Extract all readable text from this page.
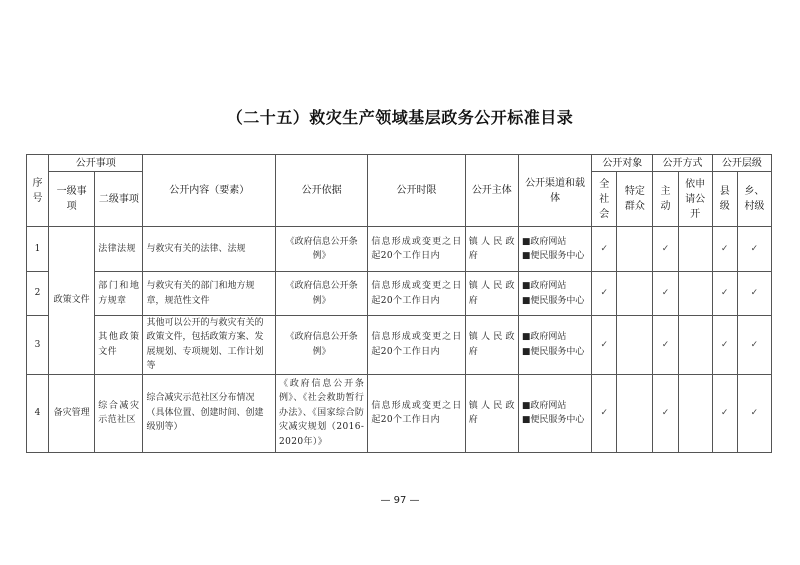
（二十五）救灾生产领域基层政务公开标准目录
序号	公开事项		公开内容（要素）	公开依据	公开时限	公开主体	公开渠道和载体	公开对象		公开方式		公开层级	
	一级事项	二级事项						全社会	特定群众	主动	依申请公开	县级	乡、村级
1	政策文件	法律法规	与救灾有关的法律、法规	《政府信息公开条例》	信息形成或变更之日起20个工作日内	镇人民政府	■政府网站
■便民服务中心	✓		✓		✓	✓
2		部门和地方规章	与救灾有关的部门和地方规章，规范性文件	《政府信息公开条例》	信息形成或变更之日起20个工作日内	镇人民政府	■政府网站
■便民服务中心	✓		✓		✓	✓
3		其他政策文件	其他可以公开的与救灾有关的政策文件，包括政策方案、发展规划、专项规划、工作计划等	《政府信息公开条例》	信息形成或变更之日起20个工作日内	镇人民政府	■政府网站
■便民服务中心	✓		✓		✓	✓
4	备灾管理	综合减灾示范社区	综合减灾示范社区分布情况（具体位置、创建时间、创建级别等）	《政府信息公开条例》、《社会救助暂行办法》、《国家综合防灾减灾规划（2016-2020年）》	信息形成或变更之日起20个工作日内	镇人民政府	■政府网站
■便民服务中心	✓		✓		✓	✓
— 97 —
